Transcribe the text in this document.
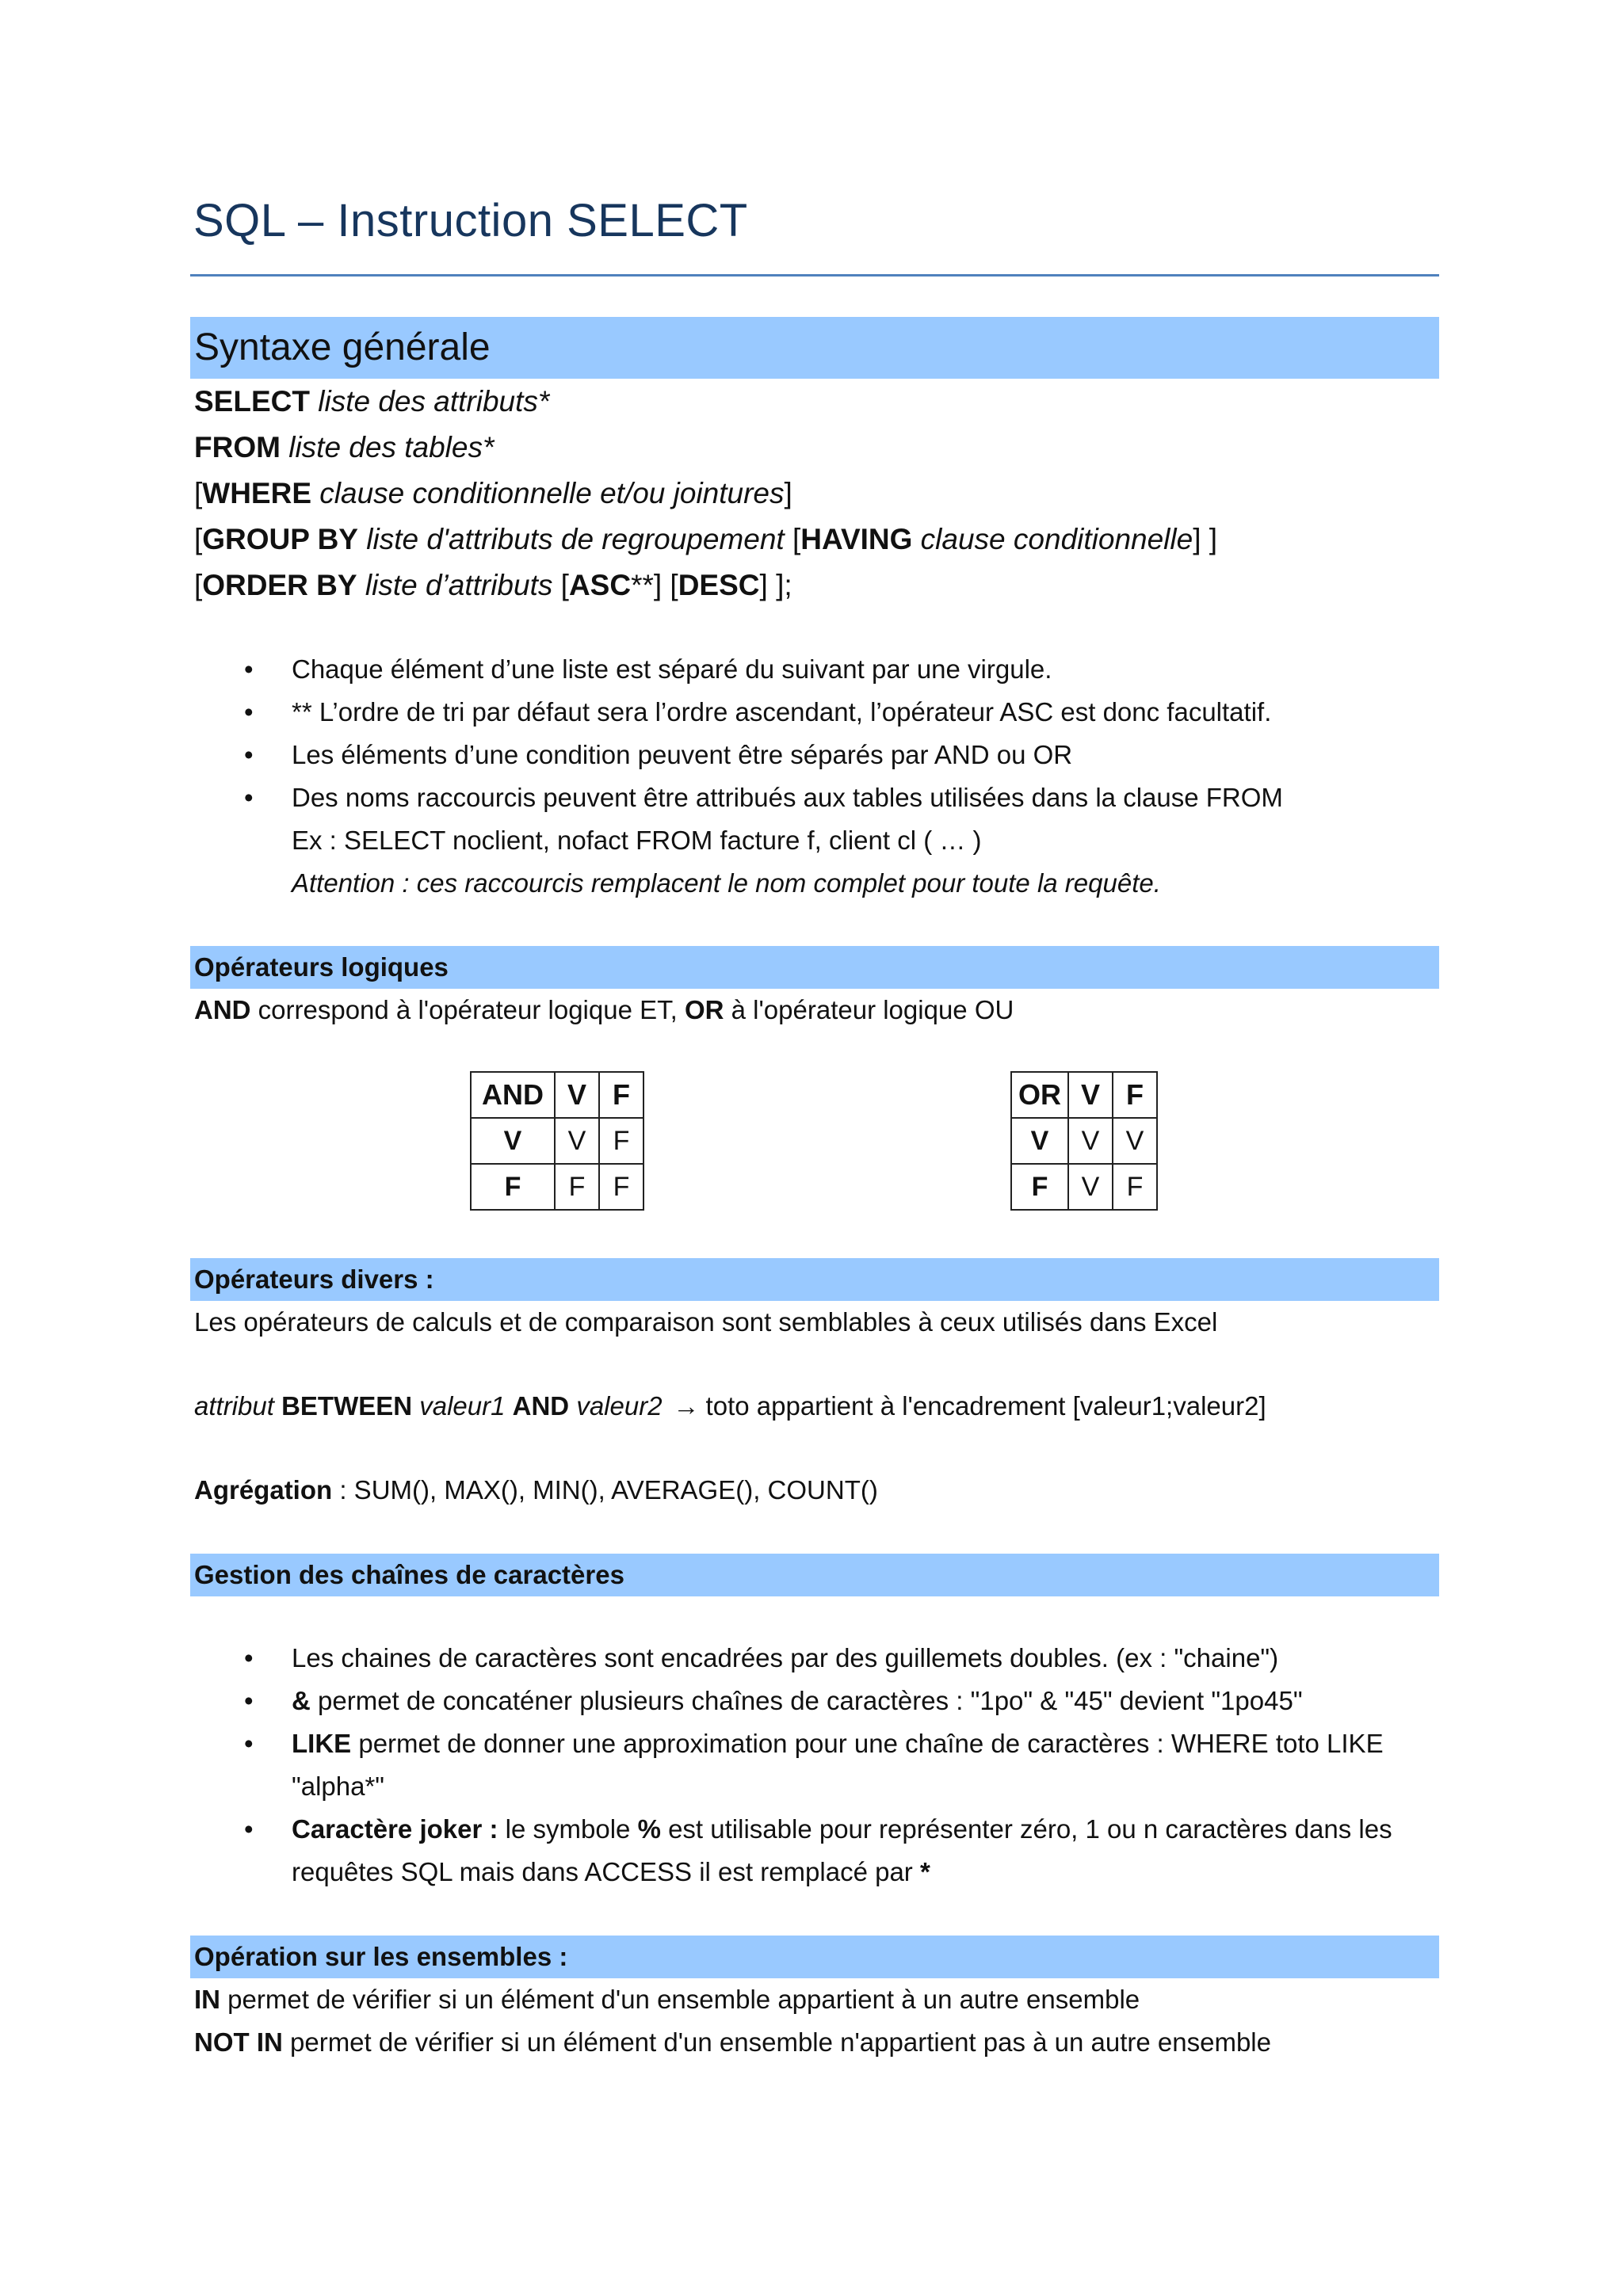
SQL – Instruction SELECT
Syntaxe générale
SELECT liste des attributs*
FROM liste des tables*
[WHERE clause conditionnelle et/ou jointures]
[GROUP BY liste d'attributs de regroupement [HAVING clause conditionnelle] ]
[ORDER BY liste d’attributs [ASC**] [DESC] ];
• Chaque élément d’une liste est séparé du suivant par une virgule.
• ** L’ordre de tri par défaut sera l’ordre ascendant, l’opérateur ASC est donc facultatif.
• Les éléments d’une condition peuvent être séparés par AND ou OR
• Des noms raccourcis peuvent être attribués aux tables utilisées dans la clause FROM
Ex : SELECT noclient, nofact FROM facture f, client cl ( … )
Attention : ces raccourcis remplacent le nom complet pour toute la requête.
Opérateurs logiques
AND correspond à l'opérateur logique ET, OR à l'opérateur logique OU
AND	V	F
V	V	F
F	F	F
OR	V	F
V	V	V
F	V	F
Opérateurs divers :
Les opérateurs de calculs et de comparaison sont semblables à ceux utilisés dans Excel
attribut BETWEEN valeur1 AND valeur2 → toto appartient à l'encadrement [valeur1;valeur2]
Agrégation : SUM(), MAX(), MIN(), AVERAGE(), COUNT()
Gestion des chaînes de caractères
• Les chaines de caractères sont encadrées par des guillemets doubles. (ex : "chaine")
• & permet de concaténer plusieurs chaînes de caractères : "1po" & "45" devient "1po45"
• LIKE permet de donner une approximation pour une chaîne de caractères : WHERE toto LIKE
"alpha*"
• Caractère joker : le symbole % est utilisable pour représenter zéro, 1 ou n caractères dans les
requêtes SQL mais dans ACCESS il est remplacé par *
Opération sur les ensembles :
IN permet de vérifier si un élément d'un ensemble appartient à un autre ensemble
NOT IN permet de vérifier si un élément d'un ensemble n'appartient pas à un autre ensemble
